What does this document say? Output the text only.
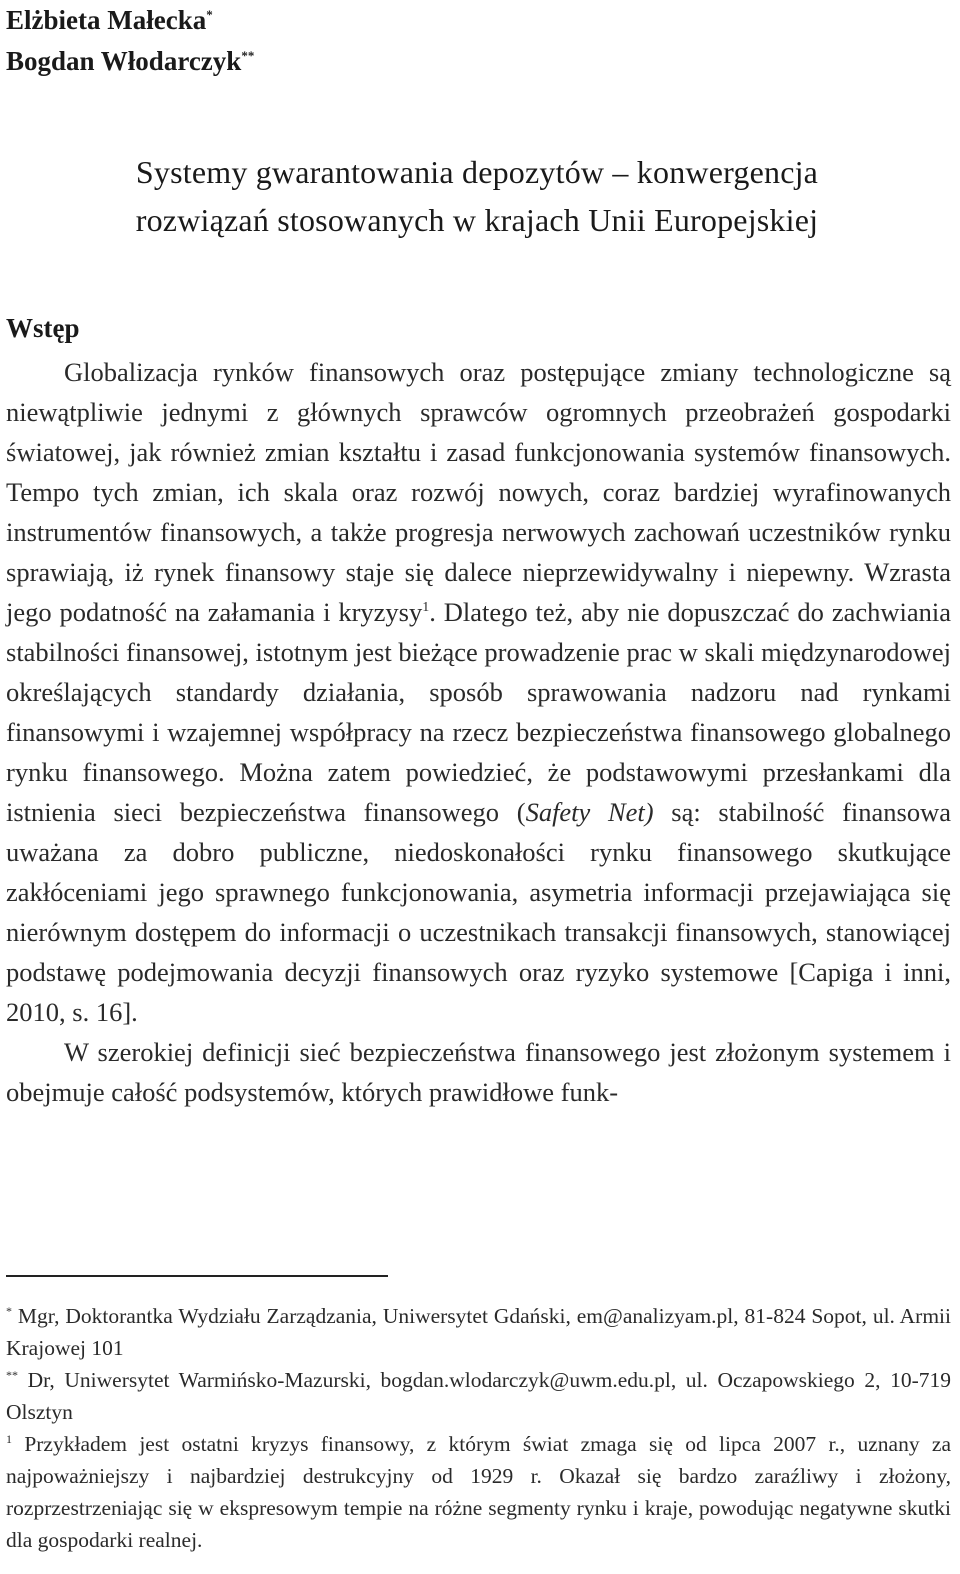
Elżbieta Małecka*
Bogdan Włodarczyk**
Systemy gwarantowania depozytów – konwergencja
rozwiązań stosowanych w krajach Unii Europejskiej
Wstęp

Globalizacja rynków finansowych oraz postępujące zmiany technologiczne są niewątpliwie jednymi z głównych sprawców ogromnych przeobrażeń gospodarki światowej, jak również zmian kształtu i zasad funkcjonowania systemów finansowych. Tempo tych zmian, ich skala oraz rozwój nowych, coraz bardziej wyrafinowanych instrumentów finansowych, a także progresja nerwowych zachowań uczestników rynku sprawiają, iż rynek finansowy staje się dalece nieprzewidywalny i niepewny. Wzrasta jego podatność na załamania i kryzysy$^1$. Dlatego też, aby nie dopuszczać do zachwiania stabilności finansowej, istotnym jest bieżące prowadzenie prac w skali międzynarodowej określających standardy działania, sposób sprawowania nadzoru nad rynkami finansowymi i wzajemnej współpracy na rzecz bezpieczeństwa finansowego globalnego rynku finansowego. Można zatem powiedzieć, że podstawowymi przesłankami dla istnienia sieci bezpieczeństwa finansowego (Safety Net) są: stabilność finansowa uważana za dobro publiczne, niedoskonałości rynku finansowego skutkujące zakłóceniami jego sprawnego funkcjonowania, asymetria informacji przejawiająca się nierównym dostępem do informacji o uczestnikach transakcji finansowych, stanowiącej podstawę podejmowania decyzji finansowych oraz ryzyko systemowe [Capiga i inni, 2010, s. 16].

W szerokiej definicji sieć bezpieczeństwa finansowego jest złożonym systemem i obejmuje całość podsystemów, których prawidłowe funk-

* Mgr, Doktorantka Wydziału Zarządzania, Uniwersytet Gdański, em@analizyam.pl, 81-824 Sopot, ul. Armii Krajowej 101

** Dr, Uniwersytet Warmińsko-Mazurski, bogdan.wlodarczyk@uwm.edu.pl, ul. Oczapowskiego 2, 10-719 Olsztyn

$^1$ Przykładem jest ostatni kryzys finansowy, z którym świat zmaga się od lipca 2007 r., uznany za najpoważniejszy i najbardziej destrukcyjny od 1929 r. Okazał się bardzo zaraźliwy i złożony, rozprzestrzeniając się w ekspresowym tempie na różne segmenty rynku i kraje, powodując negatywne skutki dla gospodarki realnej.
